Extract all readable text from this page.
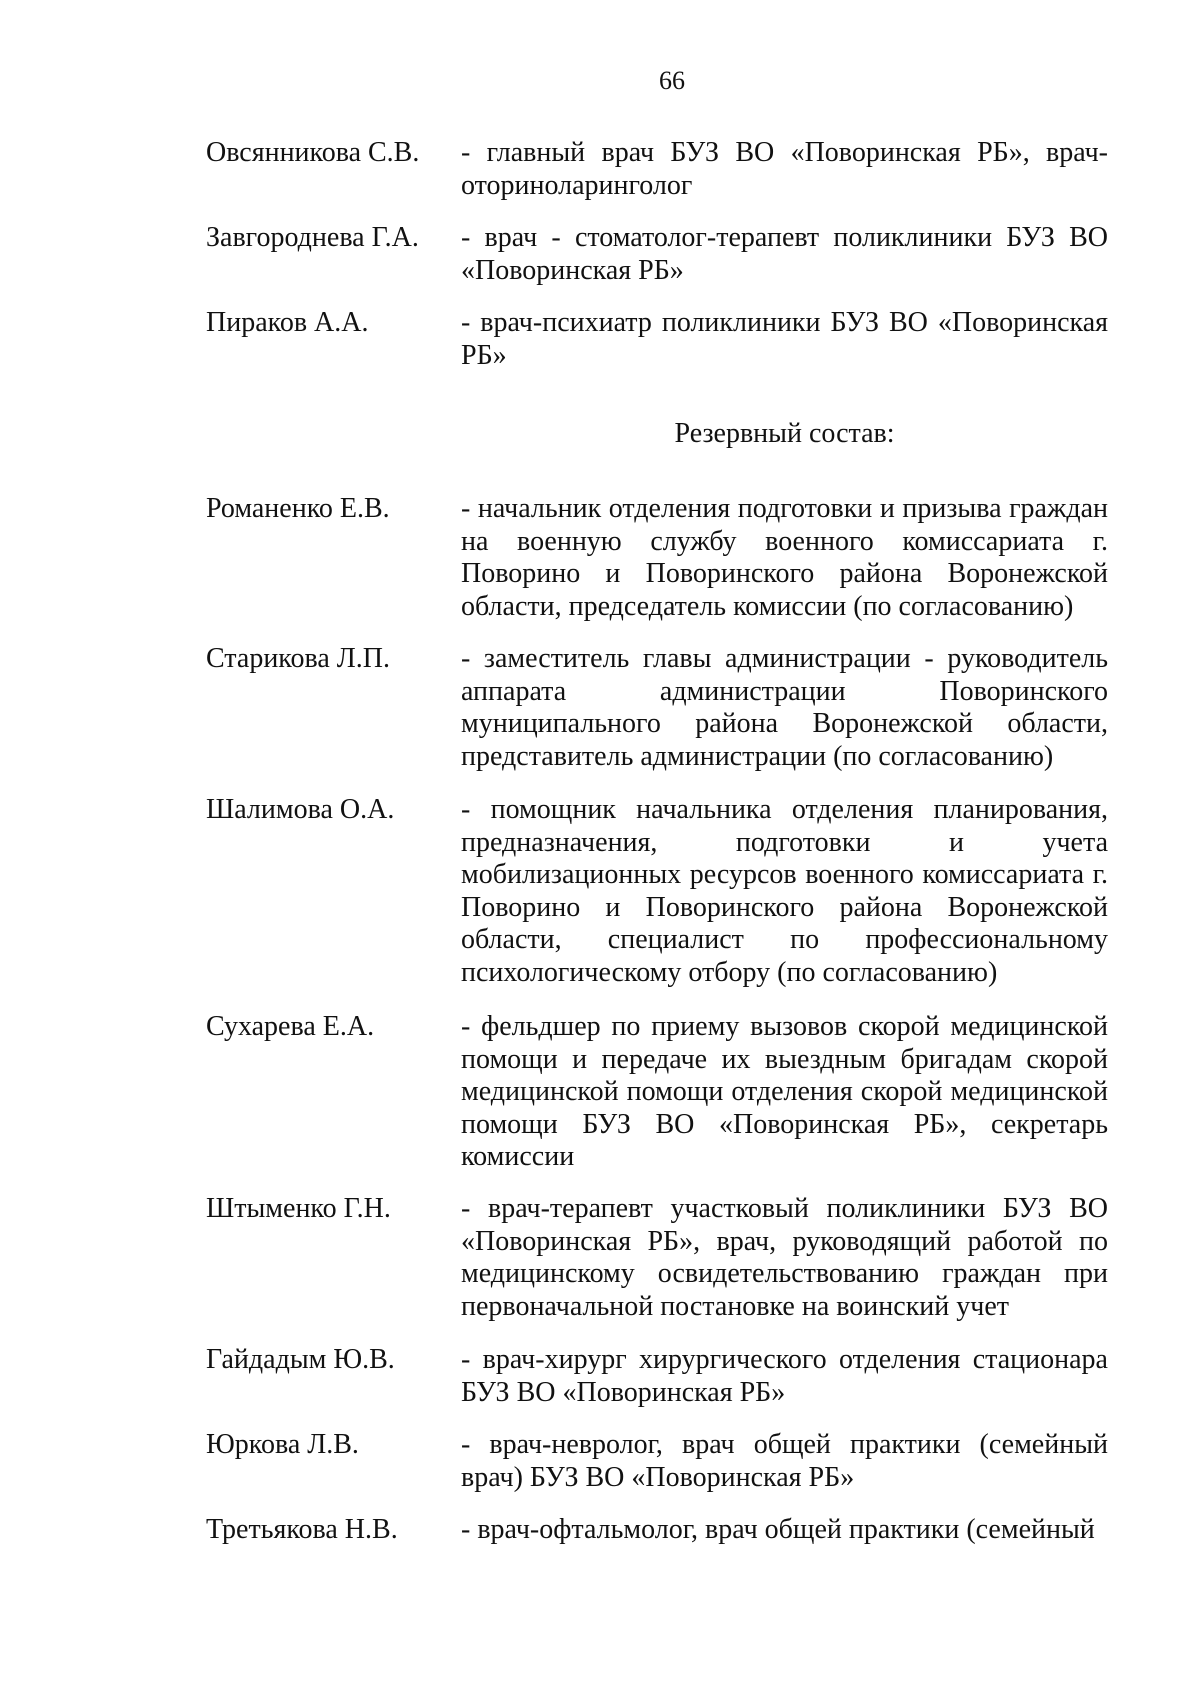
66
Овсянникова С.В.	- главный врач БУЗ ВО «Поворинская РБ», врач-оториноларинголог
Завгороднева Г.А.	- врач - стоматолог-терапевт поликлиники БУЗ ВО «Поворинская РБ»
Пираков А.А.	- врач-психиатр поликлиники БУЗ ВО «Поворинская РБ»
Резервный состав:
Романенко Е.В.	- начальник отделения подготовки и призыва граждан на военную службу военного комиссариата г. Поворино и Поворинского района Воронежской области, председатель комиссии (по согласованию)
Старикова Л.П.	- заместитель главы администрации - руководитель аппарата администрации Поворинского муниципального района Воронежской области, представитель администрации (по согласованию)
Шалимова О.А.	- помощник начальника отделения планирования, предназначения, подготовки и учета мобилизационных ресурсов военного комиссариата г. Поворино и Поворинского района Воронежской области, специалист по профессиональному психологическому отбору (по согласованию)
Сухарева Е.А.	- фельдшер по приему вызовов скорой медицинской помощи и передаче их выездным бригадам скорой медицинской помощи отделения скорой медицинской помощи БУЗ ВО «Поворинская РБ», секретарь комиссии
Штыменко Г.Н.	- врач-терапевт участковый поликлиники БУЗ ВО «Поворинская РБ», врач, руководящий работой по медицинскому освидетельствованию граждан при первоначальной постановке на воинский учет
Гайдадым Ю.В.	- врач-хирург хирургического отделения стационара БУЗ ВО «Поворинская РБ»
Юркова Л.В.	- врач-невролог, врач общей практики (семейный врач) БУЗ ВО «Поворинская РБ»
Третьякова Н.В.	- врач-офтальмолог, врач общей практики (семейный
